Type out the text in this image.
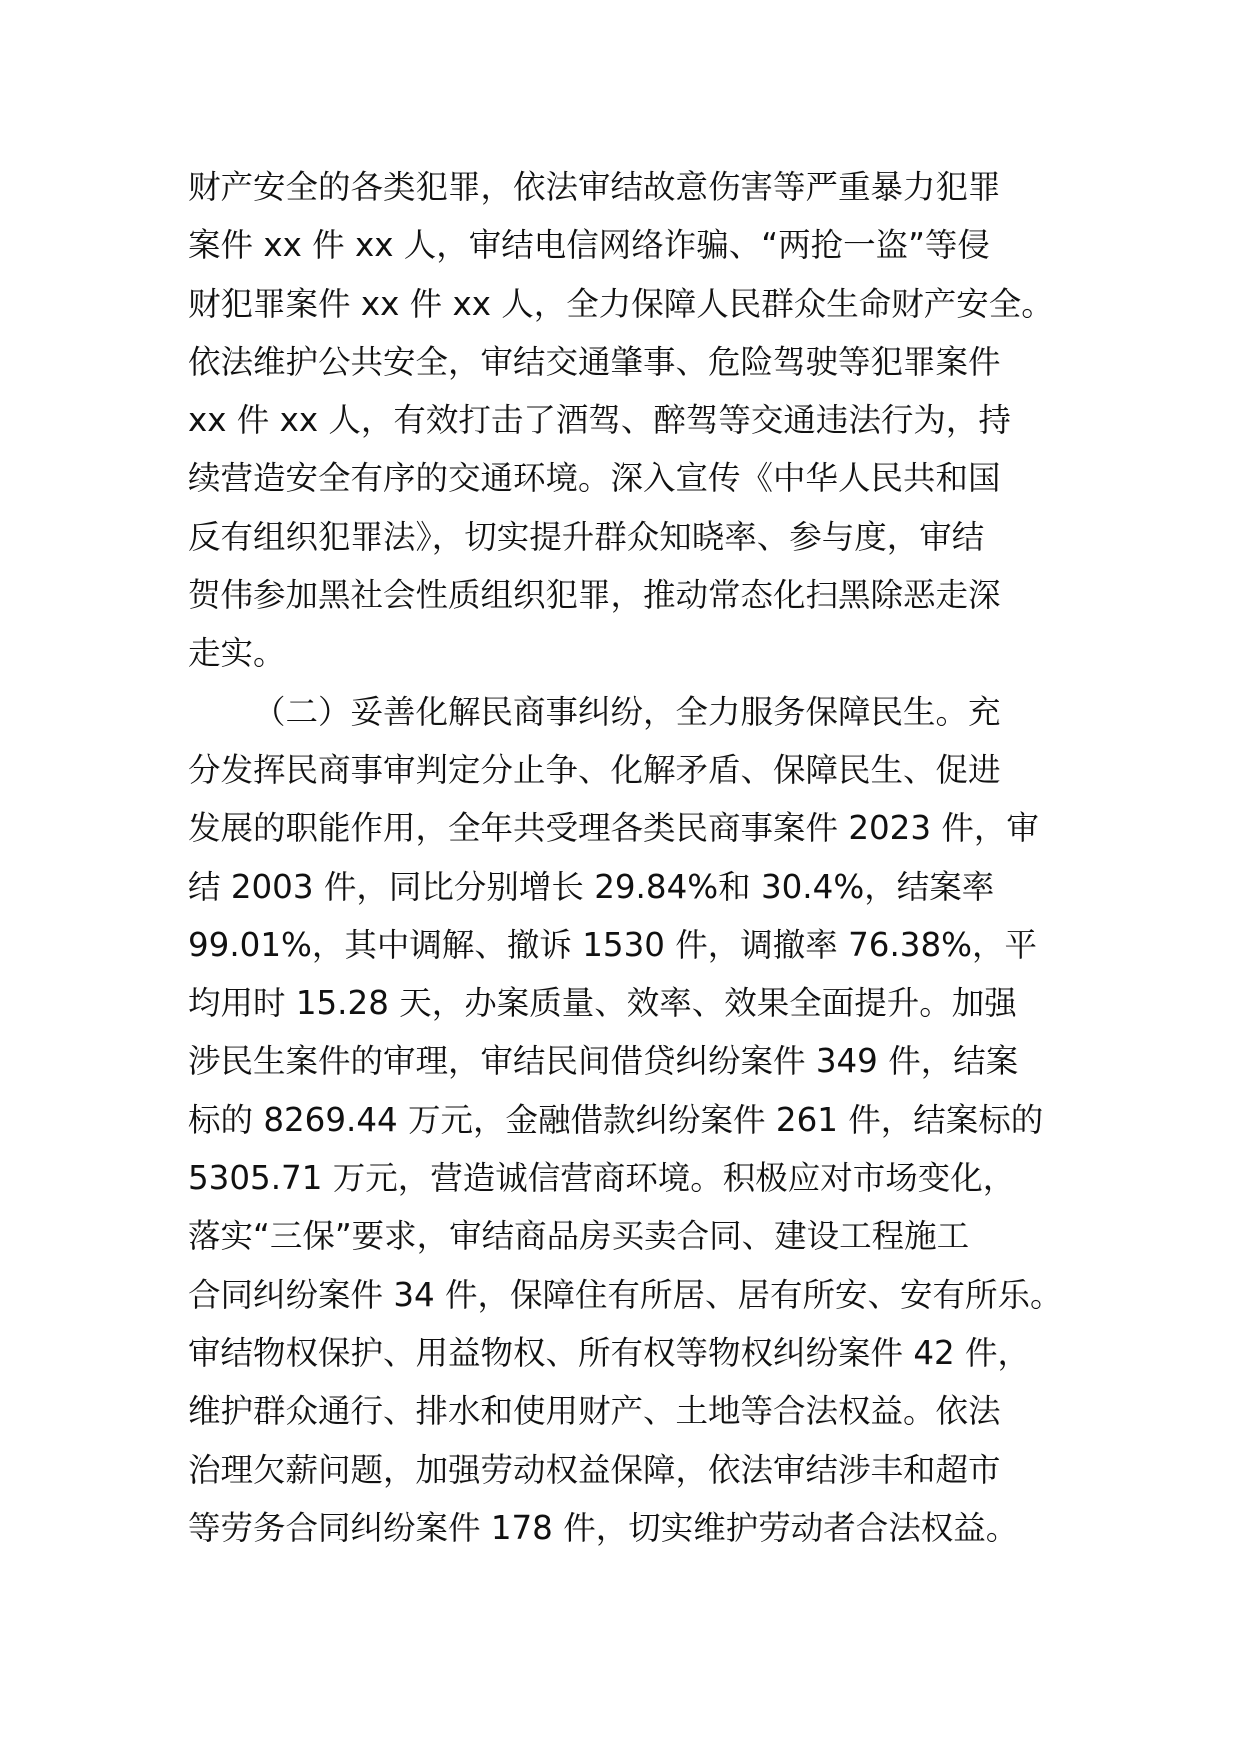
财产安全的各类犯罪，依法审结故意伤害等严重暴力犯罪
案件 xx 件 xx 人，审结电信网络诈骗、“两抢一盗”等侵
财犯罪案件 xx 件 xx 人，全力保障人民群众生命财产安全。
依法维护公共安全，审结交通肇事、危险驾驶等犯罪案件
xx 件 xx 人，有效打击了酒驾、醉驾等交通违法行为，持
续营造安全有序的交通环境。深入宣传《中华人民共和国
反有组织犯罪法》，切实提升群众知晓率、参与度，审结
贺伟参加黑社会性质组织犯罪，推动常态化扫黑除恶走深
走实。
（二）妥善化解民商事纠纷，全力服务保障民生。充
分发挥民商事审判定分止争、化解矛盾、保障民生、促进
发展的职能作用，全年共受理各类民商事案件 2023 件，审
结 2003 件，同比分别增长 29.84%和 30.4%，结案率
99.01%，其中调解、撤诉 1530 件，调撤率 76.38%，平
均用时 15.28 天，办案质量、效率、效果全面提升。加强
涉民生案件的审理，审结民间借贷纠纷案件 349 件，结案
标的 8269.44 万元，金融借款纠纷案件 261 件，结案标的
5305.71 万元，营造诚信营商环境。积极应对市场变化，
落实“三保”要求，审结商品房买卖合同、建设工程施工
合同纠纷案件 34 件，保障住有所居、居有所安、安有所乐。
审结物权保护、用益物权、所有权等物权纠纷案件 42 件，
维护群众通行、排水和使用财产、土地等合法权益。依法
治理欠薪问题，加强劳动权益保障，依法审结涉丰和超市
等劳务合同纠纷案件 178 件，切实维护劳动者合法权益。
